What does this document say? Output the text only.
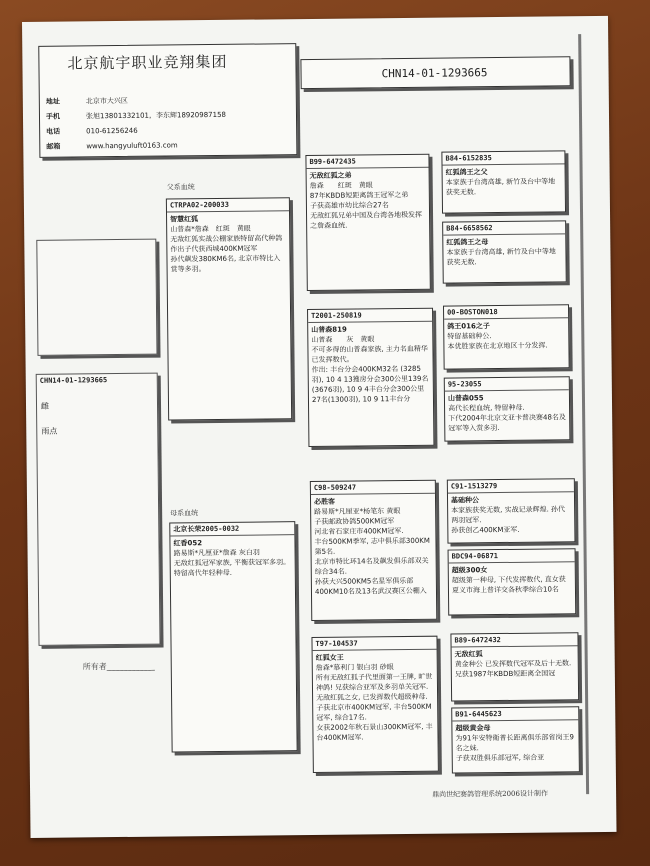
北京航宇职业竞翔集团
地址	北京市大兴区
手机	张旭13801332101，李东辉18920987158
电话	010-61256246
邮箱	www.hangyuluft0163.com
CHN14-01-1293665
CHN14-01-1293665
雌
雨点
所有者____________
父系血统
母系血统
CTRPA02-200033
智慧红狐
山普森*詹森　红斑　黄眼
无敌红狐实战公棚家族特留高代种鸽
作出子代获西城400KM冠军
孙代飙发380KM6名, 北京市特比入赏等多羽。
北京长荣2005-0032
红香052
路易斯*凡厘亚*詹森 灰白羽
无敌红狐冠军家族, 平衡获冠军多羽。
特留高代年轻种母.
B99-6472435
无敌红狐之弟
詹森　　红斑　黄眼
87年KBDB短距离鸽王冠军之弟
子获高雄市幼比综合27名
无敌红狐兄弟中国及台湾各地极发挥之詹森血统.
T2001-250819
山普森819
山普森　　灰　黄眼
不可多得的山普森家族, 主力名血精华已发挥数代。
作出: 丰台分会400KM32名 (3285羽), 10 4 13獲房分会300公里139名(3676羽), 10 9 4丰台分会300公里27名(1300羽), 10 9 11丰台分
C98-509247
必胜客
路易斯*凡厘亚*杨笔东 黄眼
子获邮政协鸽500KM冠军
河北省石家庄市400KM冠军.
丰台500KM季军, 志中俱乐部300KM第5名.
北京市特比环14名及飙发俱乐部双关综合34名.
孙获大兴500KM5名星军俱乐部400KM10名及13名武汉赛区公棚入
T97-104537
红狐女王
詹森*慕利门 银白羽 砂眼
所有无敌红狐子代里面第一王牌, 旷世神鸽! 兄获综合亚军及多羽单关冠军. 无敌红狐之女, 已发挥数代超级种母.
子获北京市400KM冠军, 丰台500KM冠军, 综合17名.
女获2002年秋石景山300KM冠军, 丰台400KM冠军.
B84-6152835
红狐鸽王之父
本家族于台湾高雄, 新竹及台中等地获奖无数.
B84-6658562
红狐鸽王之母
本家族于台湾高雄, 新竹及台中等地获奖无数.
00-BOSTON018
鸽王016之子
特留基础种公.
本优胜家族在北京地区十分发挥.
95-23055
山普森055
高代长程血统, 特留种母.
下代2004年北京文亚卡普决赛48名及冠军等入赏多羽.
C91-1513279
基础种公
本家族获奖无数, 实战记录辉煌. 孙代两羽冠军.
孙获创乙400KM亚军.
BDC94-06871
超级300女
超级第一种母, 下代发挥数代, 直女获夏义市海上普详交各秋季综合10名
B89-6472432
无敌红狐
黄金种公 已发挥数代冠军及后十无数.
兄获1987年KBDB短距离全国冠
B91-6445623
超级黄金母
为91年安特衛普长距离俱乐部省岗王9名之妹.
子获双胜俱乐部冠军, 综合亚
鼎尚世纪赛鸽管理系统2006设计制作
